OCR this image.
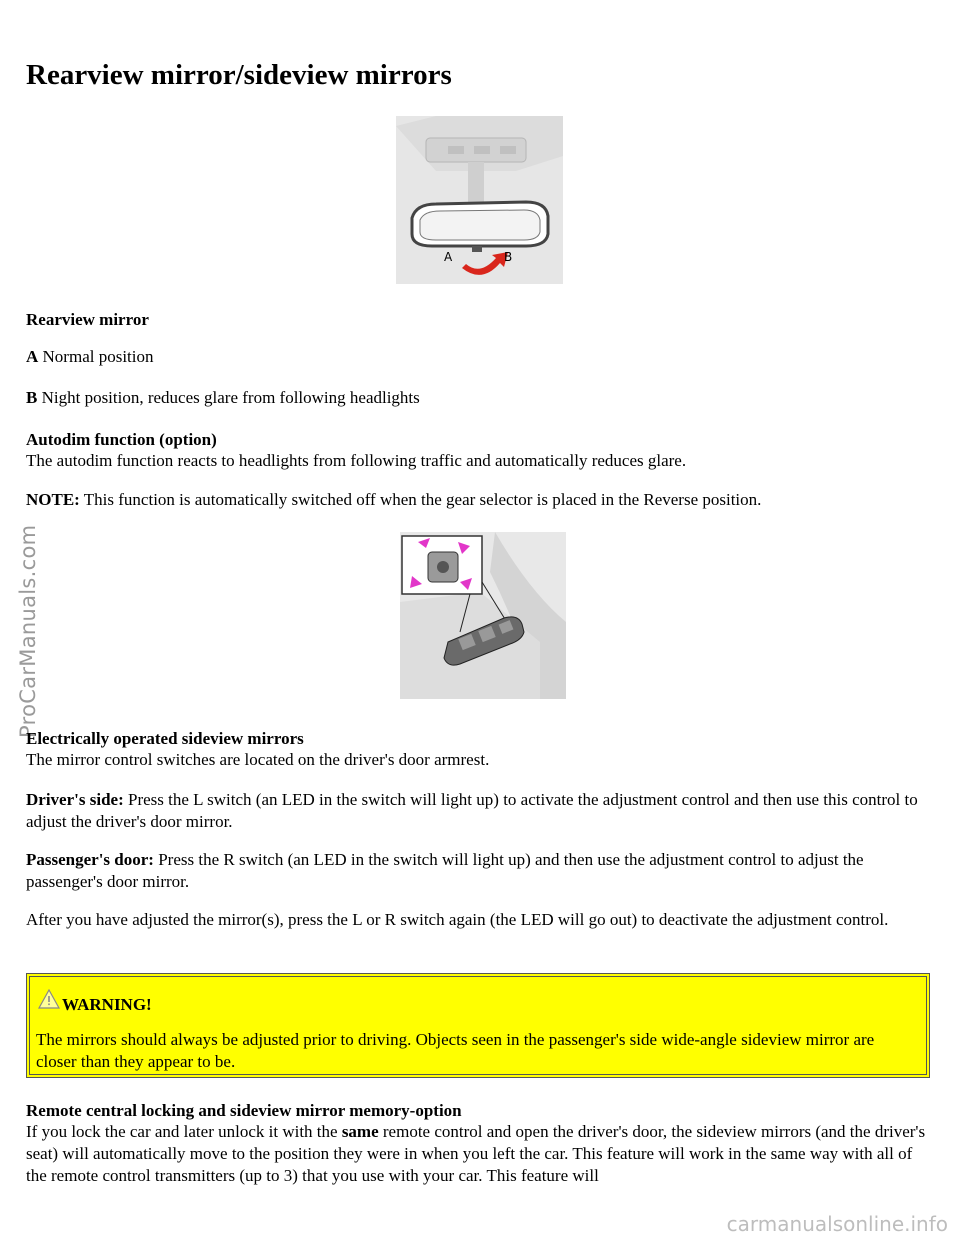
ProCarManuals.com
Rearview mirror/sideview mirrors
A	B

Rearview mirror

A Normal position

B Night position, reduces glare from following headlights

Autodim function (option)

The autodim function reacts to headlights from following traffic and automatically reduces glare.

NOTE: This function is automatically switched off when the gear selector is placed in the Reverse position.

Electrically operated sideview mirrors

The mirror control switches are located on the driver's door armrest.

Driver's side: Press the L switch (an LED in the switch will light up) to activate the adjustment control and then use this control to adjust the driver's door mirror.

Passenger's door: Press the R switch (an LED in the switch will light up) and then use the adjustment control to adjust the passenger's door mirror.

After you have adjusted the mirror(s), press the L or R switch again (the LED will go out) to deactivate the adjustment control.

WARNING!
The mirrors should always be adjusted prior to driving. Objects seen in the passenger's side wide-angle sideview mirror are closer than they appear to be.

Remote central locking and sideview mirror memory-option

If you lock the car and later unlock it with the same remote control and open the driver's door, the sideview mirrors (and the driver's seat) will automatically move to the position they were in when you left the car. This feature will work in the same way with all of the remote control transmitters (up to 3) that you use with your car. This feature will

carmanualsonline.info
